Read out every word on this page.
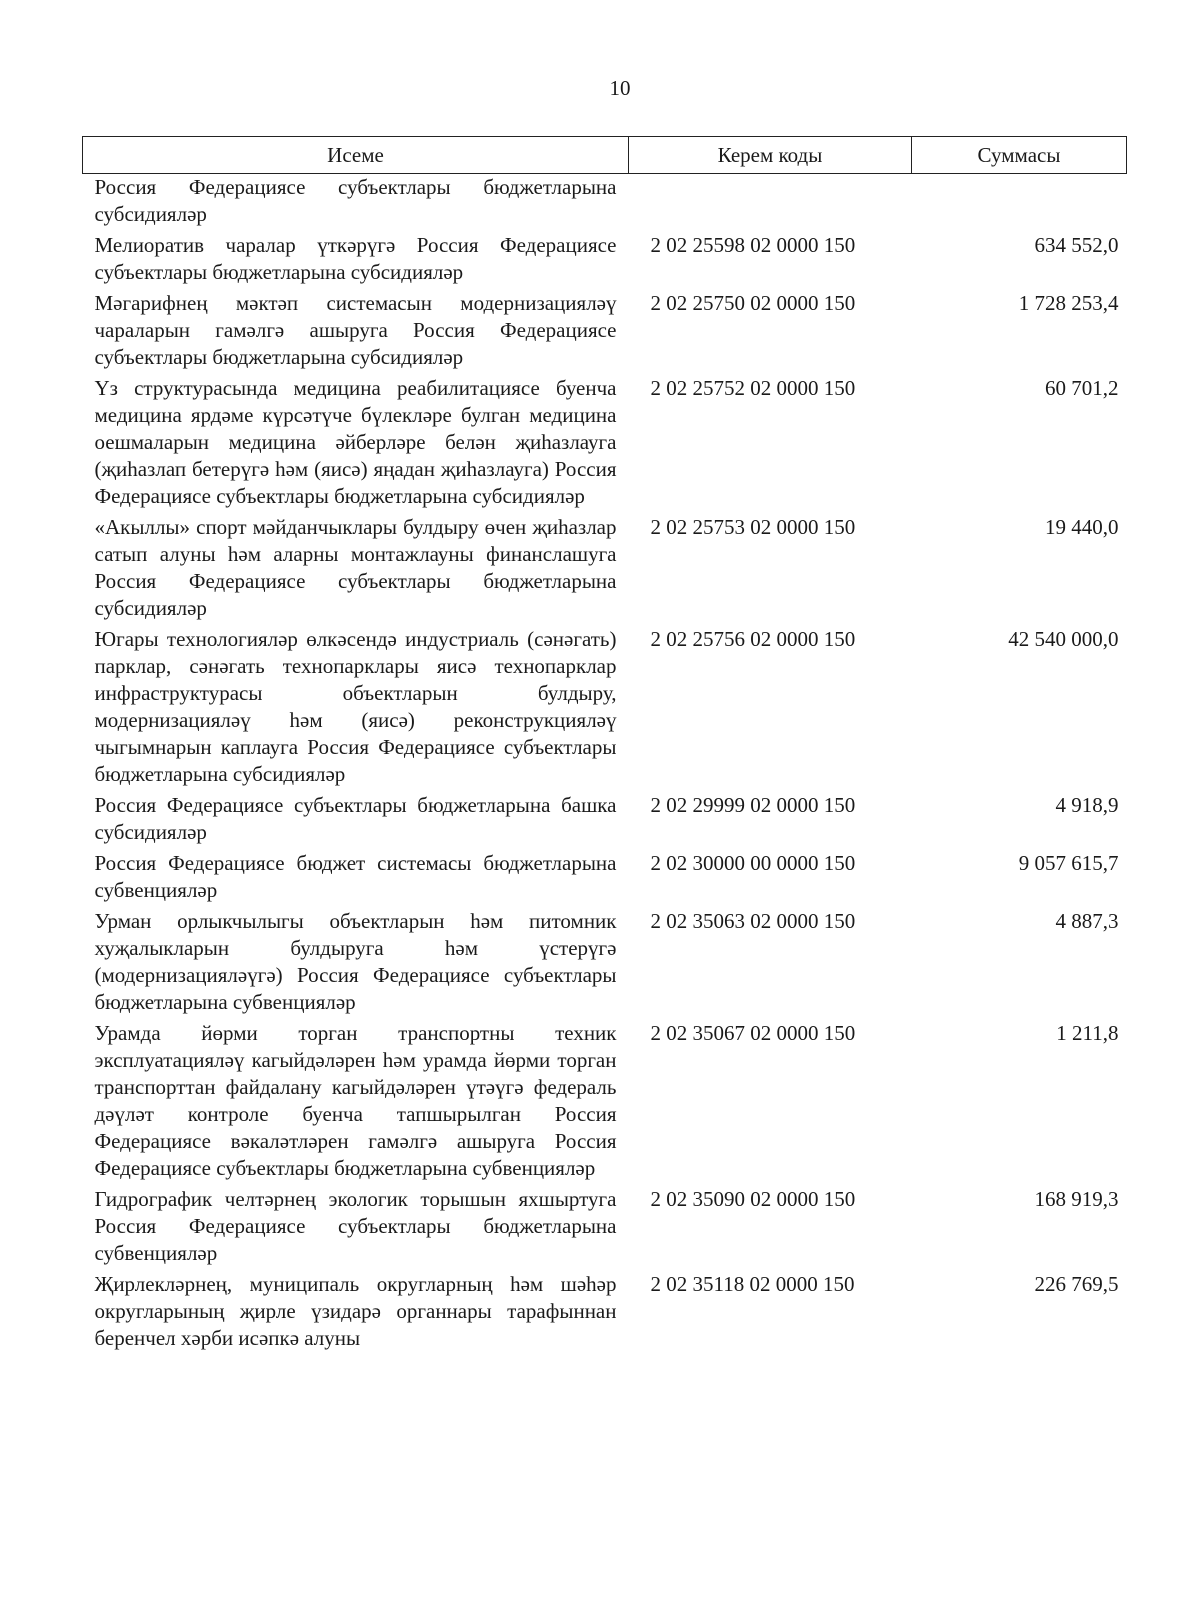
10
Исеме	Керем коды	Суммасы
Россия Федерациясе субъектлары бюджетларына субсидияләр		
Мелиоратив чаралар үткәрүгә Россия Федерациясе субъектлары бюджетларына субсидияләр	2 02 25598 02 0000 150	634 552,0
Мәгарифнең мәктәп системасын модернизацияләү чараларын гамәлгә ашыруга Россия Федерациясе субъектлары бюджетларына субсидияләр	2 02 25750 02 0000 150	1 728 253,4
Үз структурасында медицина реабилитациясе буенча медицина ярдәме күрсәтүче бүлекләре булган медицина оешмаларын медицина әйберләре белән җиһазлауга (җиһазлап бетерүгә һәм (яисә) яңадан җиһазлауга) Россия Федерациясе субъектлары бюджетларына субсидияләр	2 02 25752 02 0000 150	60 701,2
«Акыллы» спорт мәйданчыклары булдыру өчен җиһазлар сатып алуны һәм аларны монтажлауны финанслашуга Россия Федерациясе субъектлары бюджетларына субсидияләр	2 02 25753 02 0000 150	19 440,0
Югары технологияләр өлкәсендә индустриаль (сәнәгать) парклар, сәнәгать технопарклары яисә технопарклар инфраструктурасы объектларын булдыру, модернизацияләү һәм (яисә) реконструкцияләү чыгымнарын каплауга Россия Федерациясе субъектлары бюджетларына субсидияләр	2 02 25756 02 0000 150	42 540 000,0
Россия Федерациясе субъектлары бюджетларына башка субсидияләр	2 02 29999 02 0000 150	4 918,9
Россия Федерациясе бюджет системасы бюджетларына субвенцияләр	2 02 30000 00 0000 150	9 057 615,7
Урман орлыкчылыгы объектларын һәм питомник хуҗалыкларын булдыруга һәм үстерүгә (модернизацияләүгә) Россия Федерациясе субъектлары бюджетларына субвенцияләр	2 02 35063 02 0000 150	4 887,3
Урамда йөрми торган транспортны техник эксплуатацияләү кагыйдәләрен һәм урамда йөрми торган транспорттан файдалану кагыйдәләрен үтәүгә федераль дәүләт контроле буенча тапшырылган Россия Федерациясе вәкаләтләрен гамәлгә ашыруга Россия Федерациясе субъектлары бюджетларына субвенцияләр	2 02 35067 02 0000 150	1 211,8
Гидрографик челтәрнең экологик торышын яхшыртуга Россия Федерациясе субъектлары бюджетларына субвенцияләр	2 02 35090 02 0000 150	168 919,3
Җирлекләрнең, муниципаль округларның һәм шәһәр округларының җирле үзидарә органнары тарафыннан беренчел хәрби исәпкә алуны	2 02 35118 02 0000 150	226 769,5
